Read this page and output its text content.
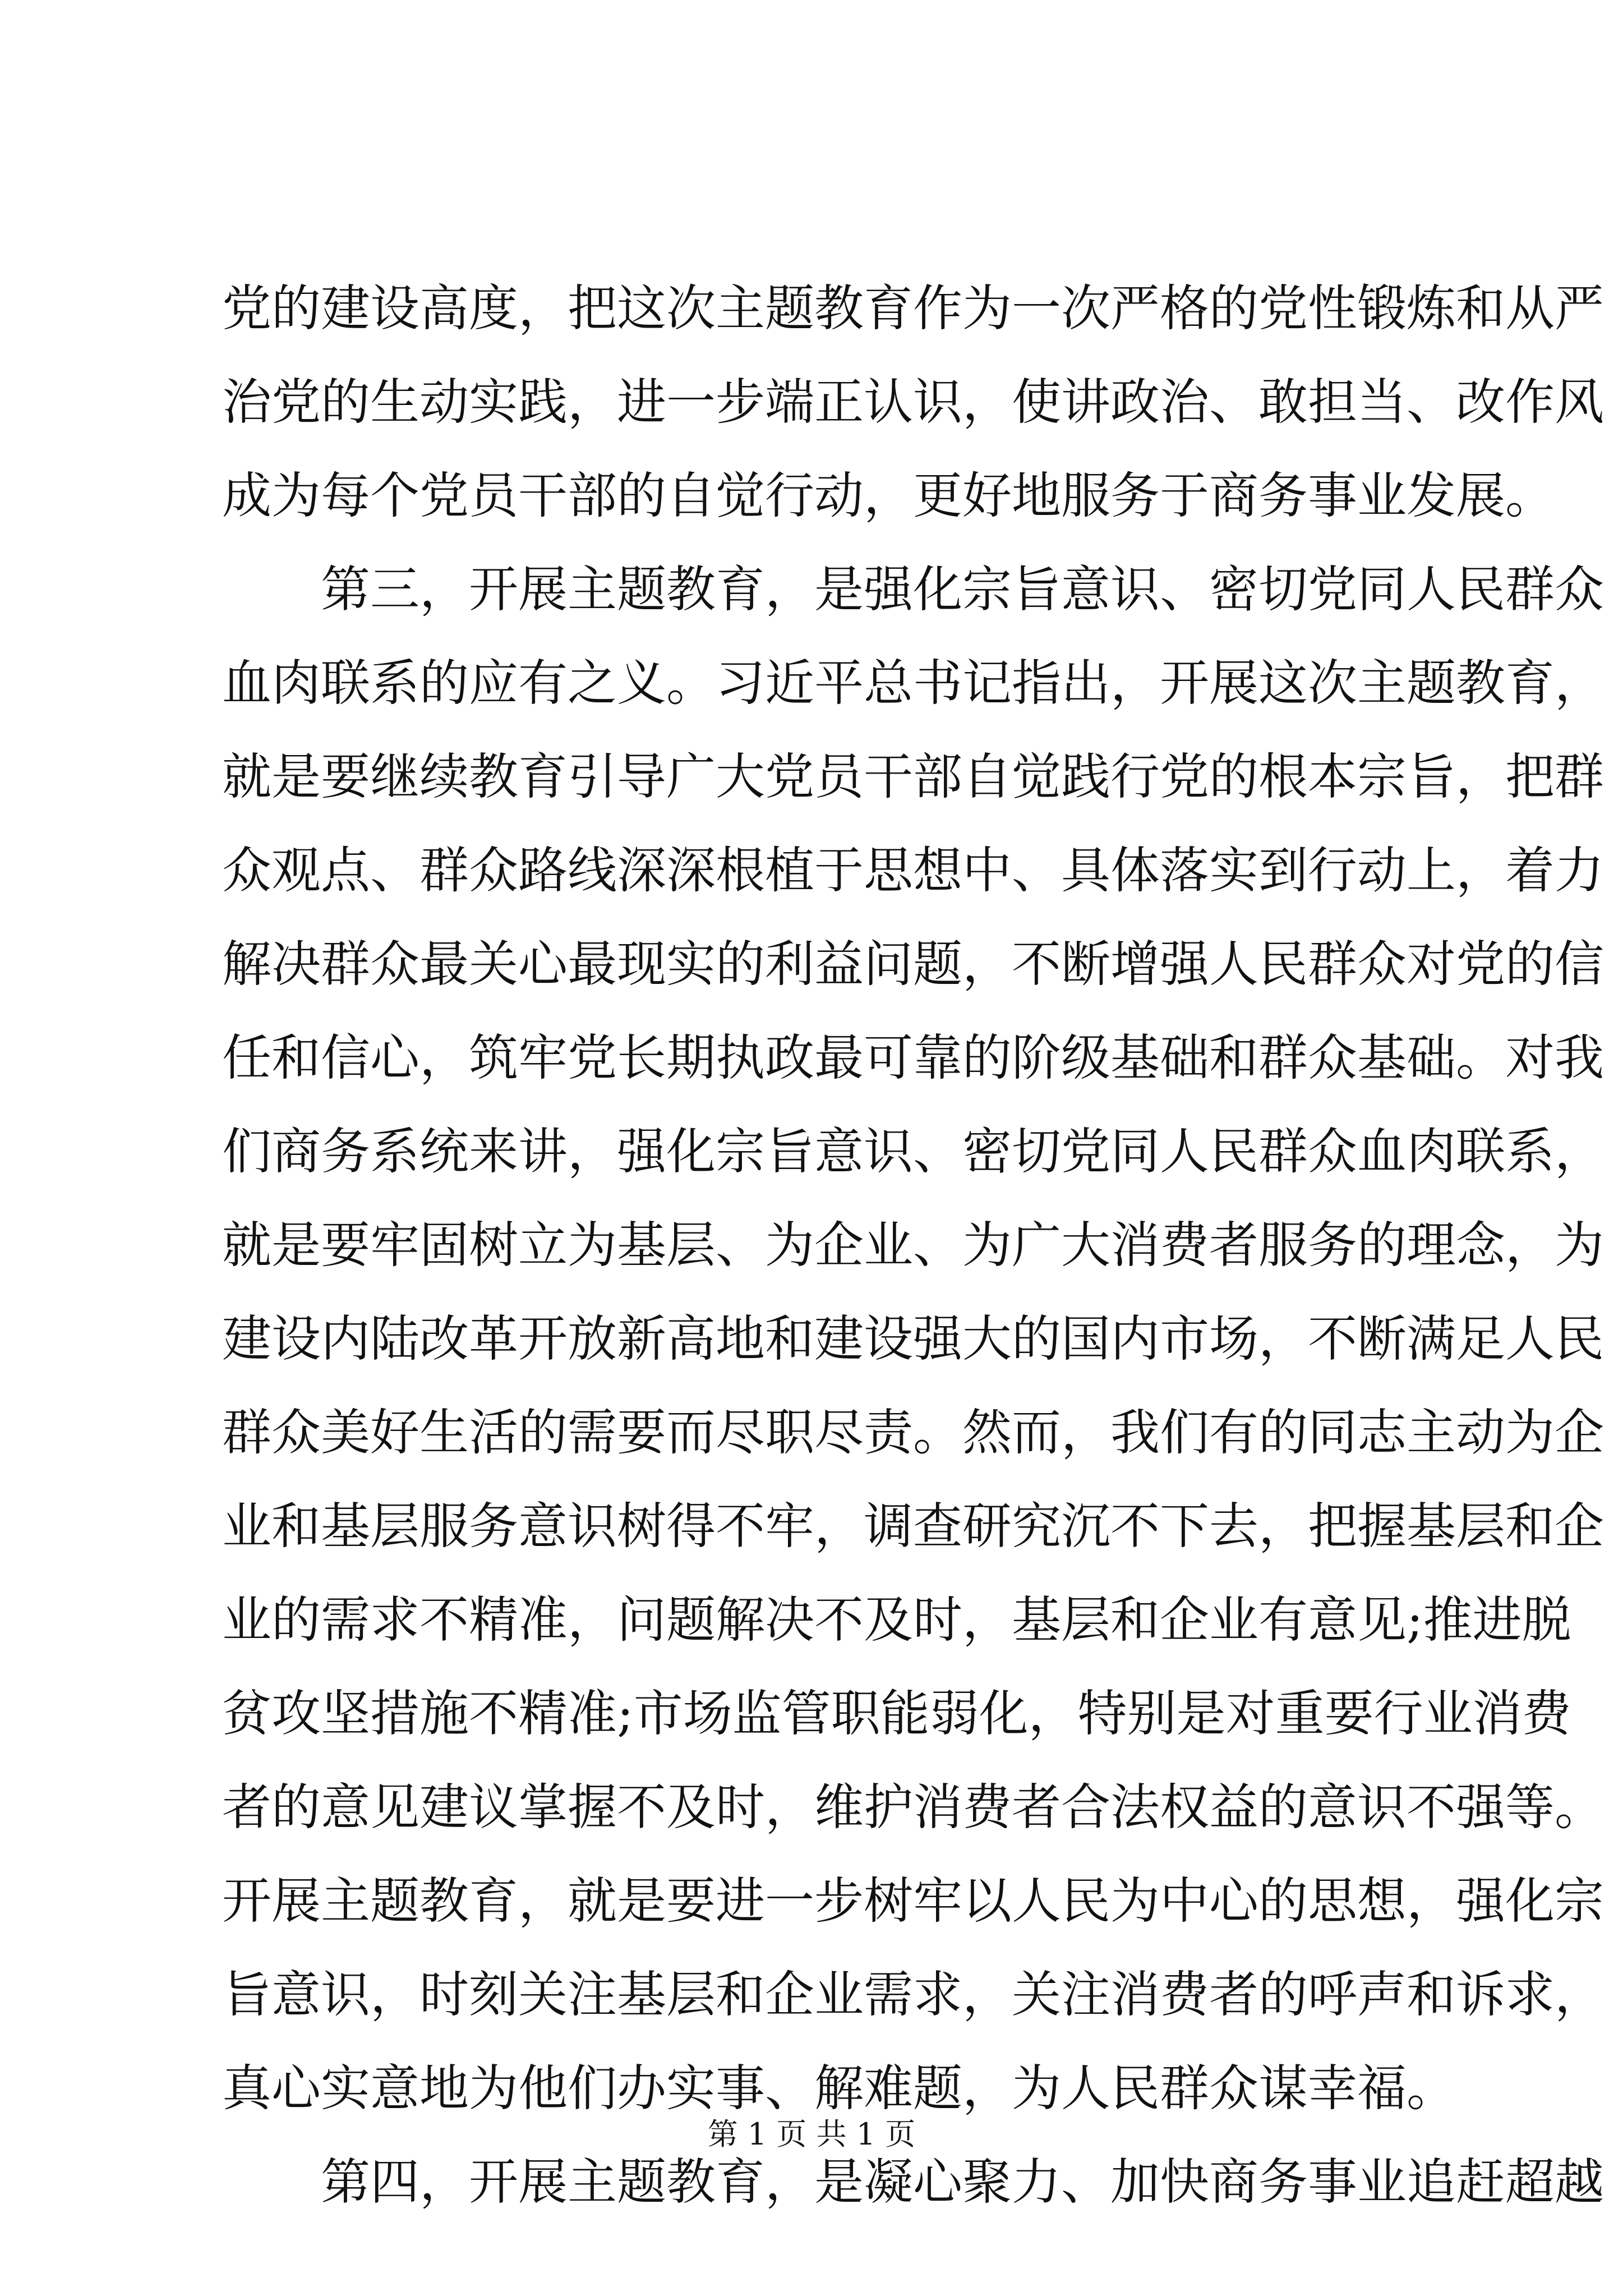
党的建设高度，把这次主题教育作为一次严格的党性锻炼和从严
治党的生动实践，进一步端正认识，使讲政治、敢担当、改作风
成为每个党员干部的自觉行动，更好地服务于商务事业发展。

第三，开展主题教育，是强化宗旨意识、密切党同人民群众
血肉联系的应有之义。习近平总书记指出，开展这次主题教育，
就是要继续教育引导广大党员干部自觉践行党的根本宗旨，把群
众观点、群众路线深深根植于思想中、具体落实到行动上，着力
解决群众最关心最现实的利益问题，不断增强人民群众对党的信
任和信心，筑牢党长期执政最可靠的阶级基础和群众基础。对我
们商务系统来讲，强化宗旨意识、密切党同人民群众血肉联系，
就是要牢固树立为基层、为企业、为广大消费者服务的理念，为
建设内陆改革开放新高地和建设强大的国内市场，不断满足人民
群众美好生活的需要而尽职尽责。然而，我们有的同志主动为企
业和基层服务意识树得不牢，调查研究沉不下去，把握基层和企
业的需求不精准，问题解决不及时，基层和企业有意见;推进脱
贫攻坚措施不精准;市场监管职能弱化，特别是对重要行业消费
者的意见建议掌握不及时，维护消费者合法权益的意识不强等。
开展主题教育，就是要进一步树牢以人民为中心的思想，强化宗
旨意识，时刻关注基层和企业需求，关注消费者的呼声和诉求，
真心实意地为他们办实事、解难题，为人民群众谋幸福。

第四，开展主题教育，是凝心聚力、加快商务事业追赶超越

第 1 页 共 1 页
